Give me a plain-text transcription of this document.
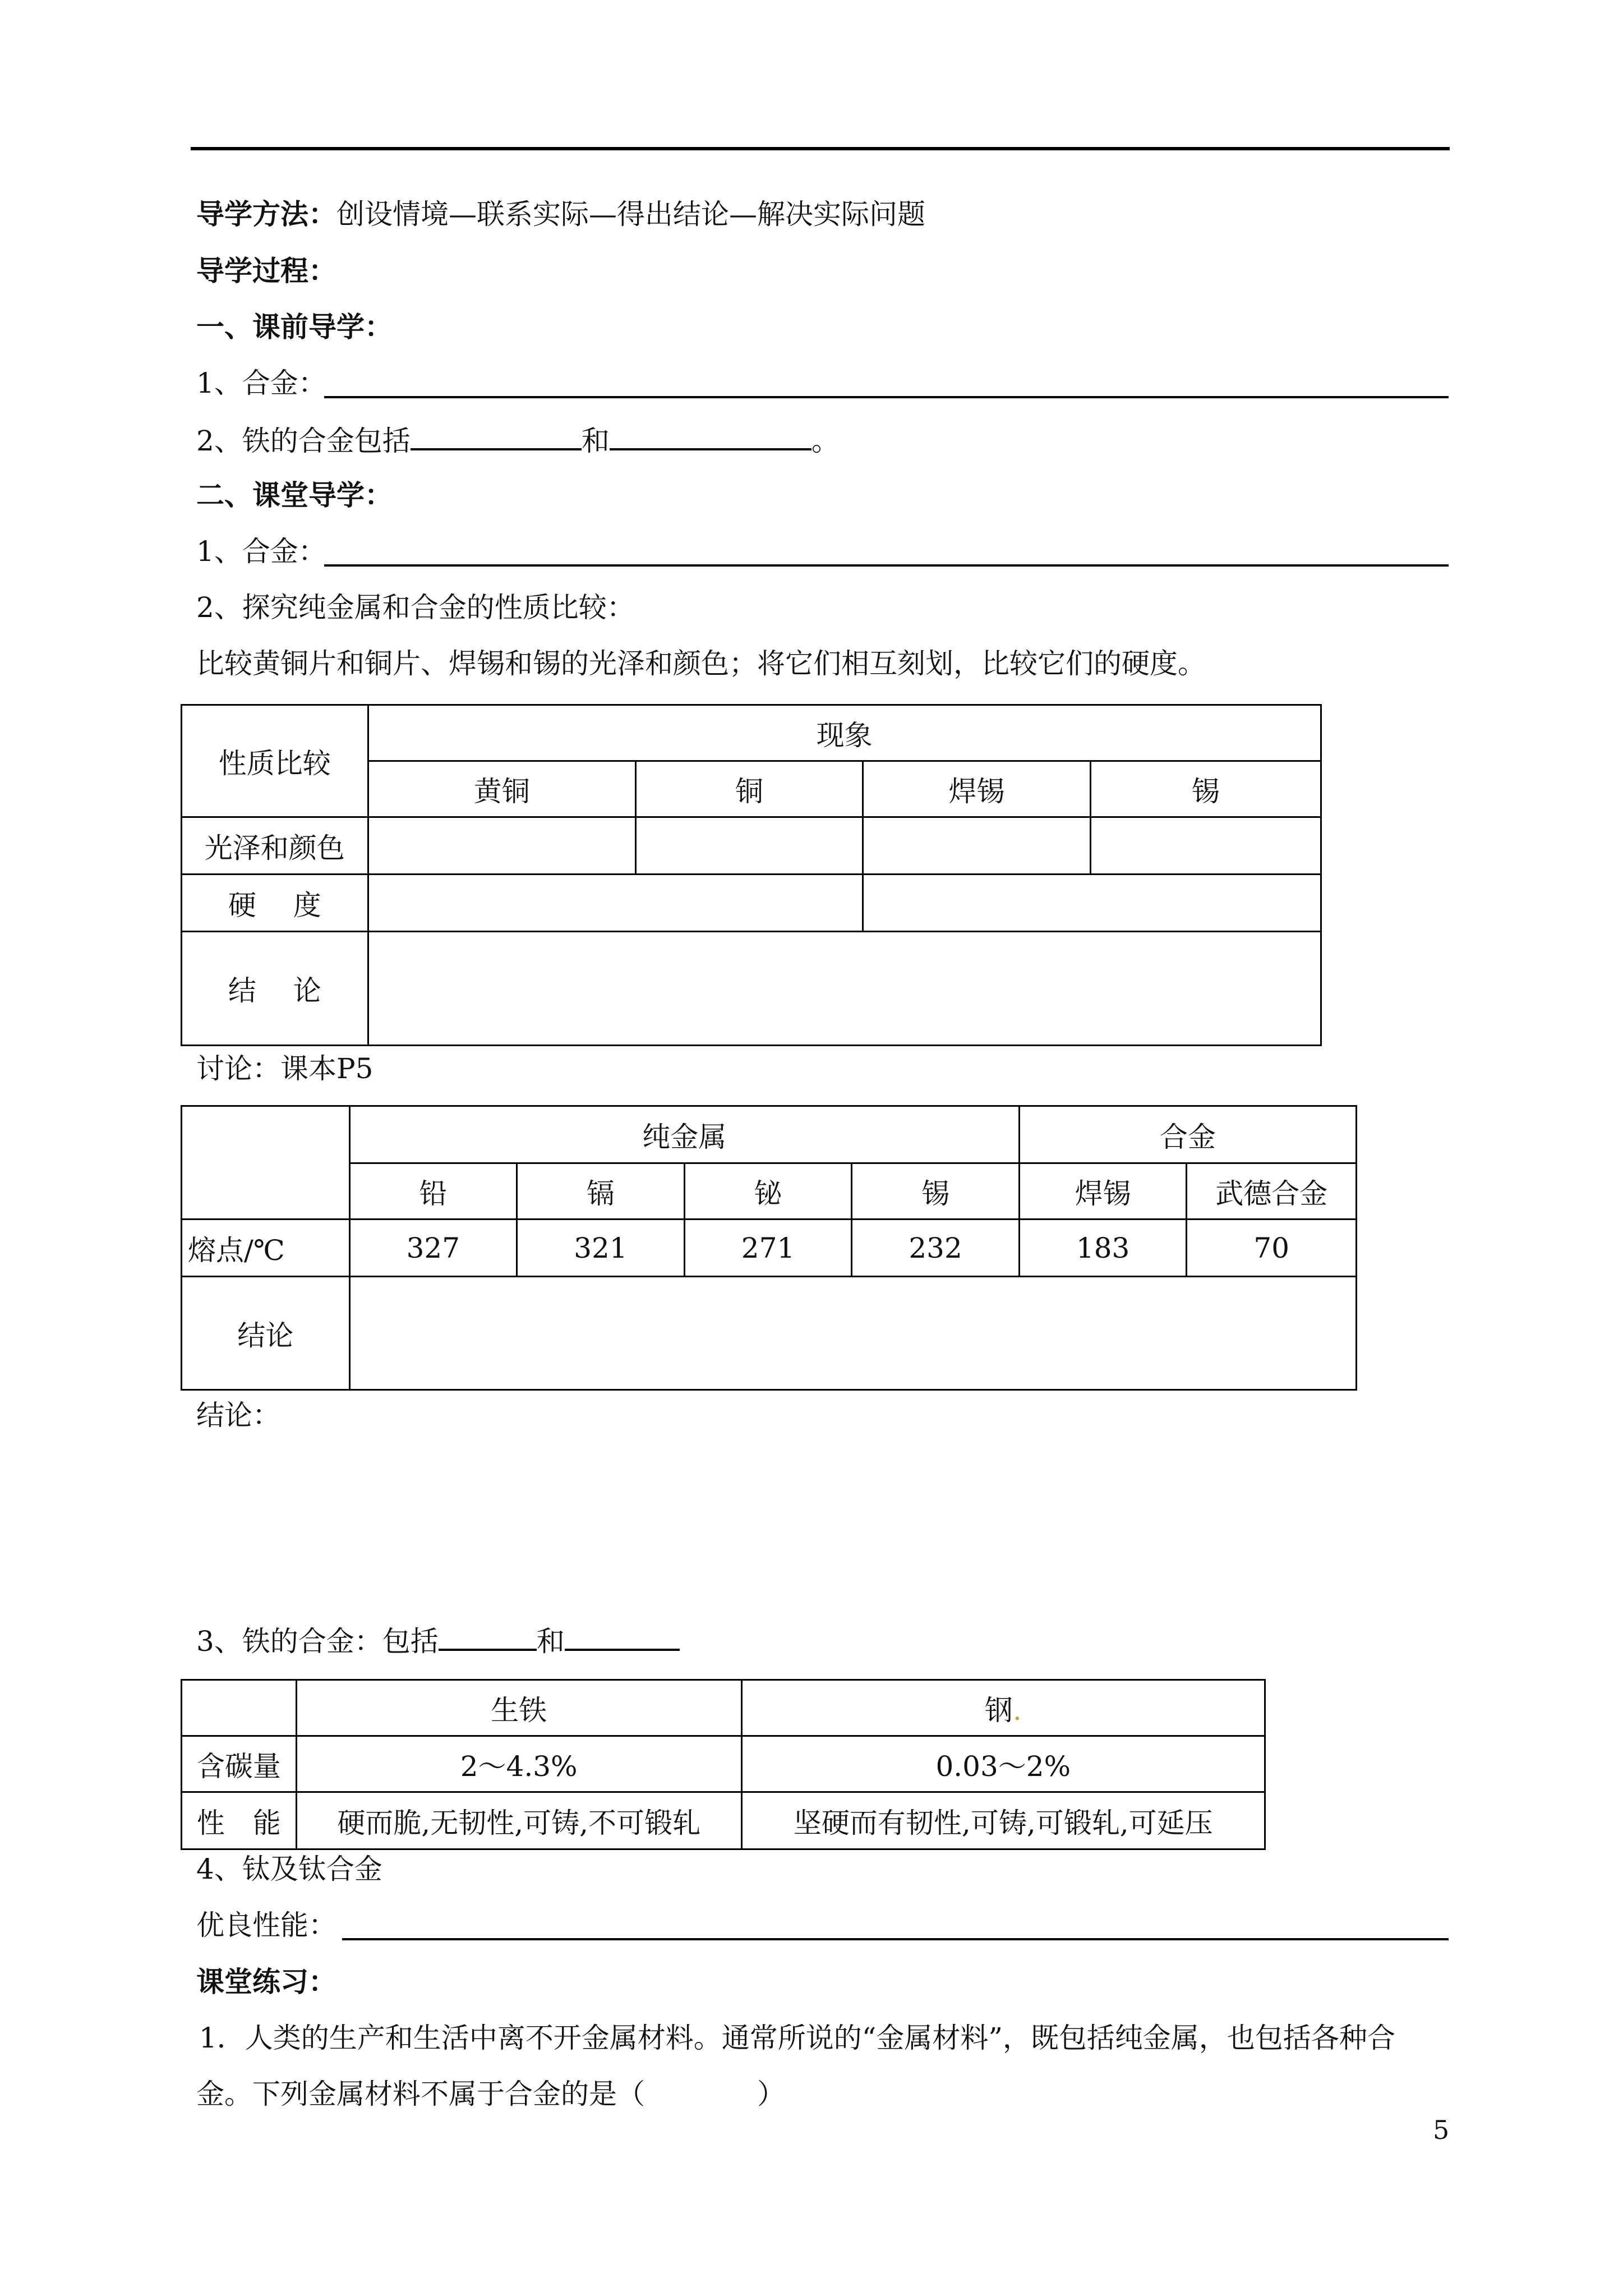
导学方法：创设情境—联系实际—得出结论—解决实际问题
导学过程：
一、课前导学：
1、合金：
2、铁的合金包括	和	。
二、课堂导学：
1、合金：
2、探究纯金属和合金的性质比较：
比较黄铜片和铜片、焊锡和锡的光泽和颜色；将它们相互刻划，比较它们的硬度。
性质比较	现象			
	黄铜	铜	焊锡	锡
光泽和颜色				
硬　 度				
结　 论				
讨论：课本P5
	纯金属				合金	
	铅	镉	铋	锡	焊锡	武德合金
熔点/℃	327	321	271	232	183	70
结论						
结论：
3、铁的合金：包括	和
	生铁	钢.
含碳量	2～4.3%	0.03～2%
性　能	硬而脆,无韧性,可铸,不可锻轧	坚硬而有韧性,可铸,可锻轧,可延压
4、钛及钛合金
优良性能：
课堂练习：
1．人类的生产和生活中离不开金属材料。通常所说的“金属材料”，既包括纯金属，也包括各种合
金。下列金属材料不属于合金的是（　　　　）
5
